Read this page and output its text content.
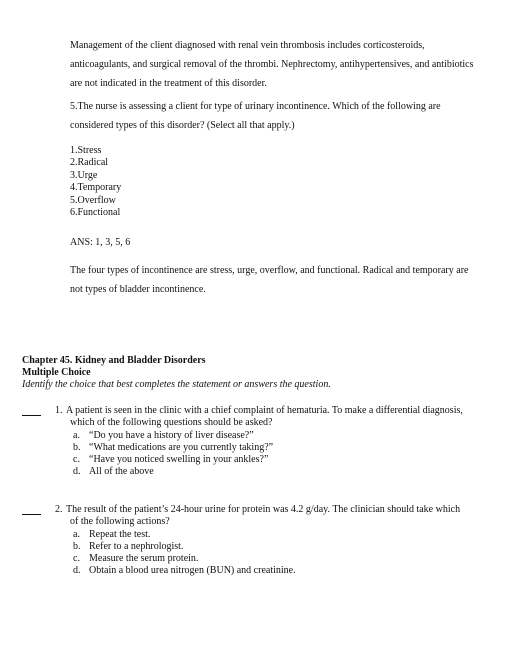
Management of the client diagnosed with renal vein thrombosis includes corticosteroids,
anticoagulants, and surgical removal of the thrombi. Nephrectomy, antihypertensives, and antibiotics
are not indicated in the treatment of this disorder.
5.The nurse is assessing a client for type of urinary incontinence. Which of the following are
considered types of this disorder? (Select all that apply.)
1.Stress
2.Radical
3.Urge
4.Temporary
5.Overflow
6.Functional
ANS: 1, 3, 5, 6
The four types of incontinence are stress, urge, overflow, and functional. Radical and temporary are
not types of bladder incontinence.
Chapter 45. Kidney and Bladder Disorders
Multiple Choice
Identify the choice that best completes the statement or answers the question.
1. A patient is seen in the clinic with a chief complaint of hematuria. To make a differential diagnosis,
which of the following questions should be asked?
a. “Do you have a history of liver disease?”
b. “What medications are you currently taking?”
c. “Have you noticed swelling in your ankles?”
d. All of the above
2. The result of the patient’s 24-hour urine for protein was 4.2 g/day. The clinician should take which
of the following actions?
a. Repeat the test.
b. Refer to a nephrologist.
c. Measure the serum protein.
d. Obtain a blood urea nitrogen (BUN) and creatinine.
